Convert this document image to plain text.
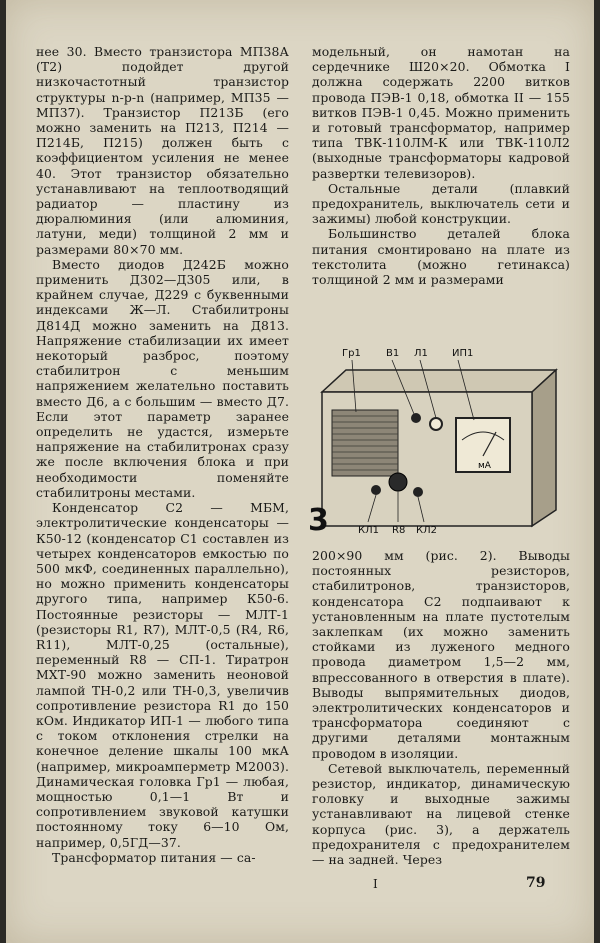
нее 30. Вместо транзистора МП38А (Т2) подойдет другой низкочастотный транзистор структуры n-p-n (например, МП35 — МП37). Транзистор П213Б (его можно заменить на П213, П214 — П214Б, П215) должен быть с коэффициентом усиления не менее 40. Этот транзистор обязательно устанавливают на теплоотводящий радиатор — пластину из дюралюминия (или алюминия, латуни, меди) толщиной 2 мм и размерами 80×70 мм.

Вместо диодов Д242Б можно применить Д302—Д305 или, в крайнем случае, Д229 с буквенными индексами Ж—Л. Стабилитроны Д814Д можно заменить на Д813. Напряжение стабилизации их имеет некоторый разброс, поэтому стабилитрон с меньшим напряжением желательно поставить вместо Д6, а с большим — вместо Д7. Если этот параметр заранее определить не удастся, измерьте напряжение на стабилитронах сразу же после включения блока и при необходимости поменяйте стабилитроны местами.

Конденсатор С2 — МБМ, электролитические конденсаторы — К50-12 (конденсатор С1 составлен из четырех конденсаторов емкостью по 500 мкФ, соединенных параллельно), но можно применить конденсаторы другого типа, например К50-6. Постоянные резисторы — МЛТ-1 (резисторы R1, R7), МЛТ-0,5 (R4, R6, R11), МЛТ-0,25 (остальные), переменный R8 — СП-1. Тиратрон МХТ-90 можно заменить неоновой лампой ТН-0,2 или ТН-0,3, увеличив сопротивление резистора R1 до 150 кОм. Индикатор ИП-1 — любого типа с током отклонения стрелки на конечное деление шкалы 100 мкА (например, микроамперметр М2003). Динамическая головка Гр1 — любая, мощностью 0,1—1 Вт и сопротивлением звуковой катушки постоянному току 6—10 Ом, например, 0,5ГД—37.

Трансформатор питания — са-

модельный, он намотан на сердечнике Ш20×20. Обмотка I должна содержать 2200 витков провода ПЭВ-1 0,18, обмотка II — 155 витков ПЭВ-1 0,45. Можно применить и готовый трансформатор, например типа ТВК-110ЛМ-К или ТВК-110Л2 (выходные трансформаторы кадровой развертки телевизоров).

Остальные детали (плавкий предохранитель, выключатель сети и зажимы) любой конструкции.

Большинство деталей блока питания смонтировано на плате из текстолита (можно гетинакса) толщиной 2 мм и размерами

мА
Гр1	В1 Л1 ИП1
КЛ1 R8 КЛ2
3

200×90 мм (рис. 2). Выводы постоянных резисторов, стабилитронов, транзисторов, конденсатора С2 подпаивают к установленным на плате пустотелым заклепкам (их можно заменить стойками из луженого медного провода диаметром 1,5—2 мм, впрессованного в отверстия в плате). Выводы выпрямительных диодов, электролитических конденсаторов и трансформатора соединяют с другими деталями монтажным проводом в изоляции.

Сетевой выключатель, переменный резистор, индикатор, динамическую головку и выходные зажимы устанавливают на лицевой стенке корпуса (рис. 3), а держатель предохранителя с предохранителем — на задней. Через

I	79
